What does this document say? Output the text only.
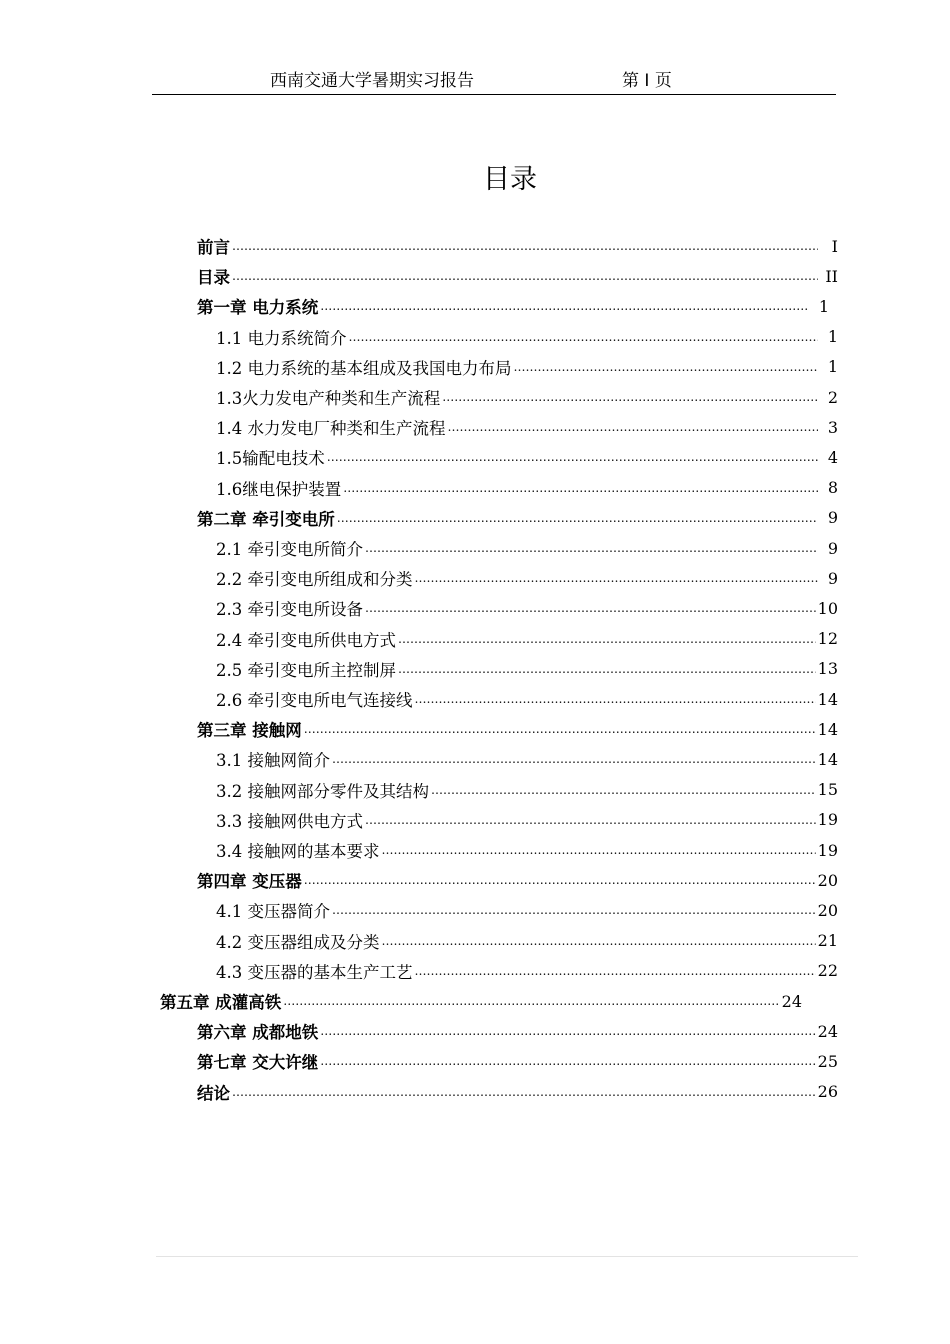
西南交通大学暑期实习报告	第 I 页
目录
前言 ……………………………………………………………………………………………………………………………………………………………………………………………………………………	I
目录 ……………………………………………………………………………………………………………………………………………………………………………………………………………………	II
第一章 电力系统 ……………………………………………………………………………………………………………………………………………………………………………………………………………………	1
1.1 电力系统简介 ……………………………………………………………………………………………………………………………………………………………………………………………………………………	1
1.2 电力系统的基本组成及我国电力布局 ……………………………………………………………………………………………………………………………………………………………………………………………………………………	1
1.3火力发电产种类和生产流程 ……………………………………………………………………………………………………………………………………………………………………………………………………………………	2
1.4 水力发电厂种类和生产流程 ……………………………………………………………………………………………………………………………………………………………………………………………………………………	3
1.5输配电技术 ……………………………………………………………………………………………………………………………………………………………………………………………………………………	4
1.6继电保护装置 ……………………………………………………………………………………………………………………………………………………………………………………………………………………	8
第二章 牵引变电所 ……………………………………………………………………………………………………………………………………………………………………………………………………………………	9
2.1 牵引变电所简介 ……………………………………………………………………………………………………………………………………………………………………………………………………………………	9
2.2 牵引变电所组成和分类 ……………………………………………………………………………………………………………………………………………………………………………………………………………………	9
2.3 牵引变电所设备 ……………………………………………………………………………………………………………………………………………………………………………………………………………………	10
2.4 牵引变电所供电方式 ……………………………………………………………………………………………………………………………………………………………………………………………………………………	12
2.5 牵引变电所主控制屏 ……………………………………………………………………………………………………………………………………………………………………………………………………………………	13
2.6 牵引变电所电气连接线 ……………………………………………………………………………………………………………………………………………………………………………………………………………………	14
第三章 接触网 ……………………………………………………………………………………………………………………………………………………………………………………………………………………	14
3.1 接触网简介 ……………………………………………………………………………………………………………………………………………………………………………………………………………………	14
3.2 接触网部分零件及其结构 ……………………………………………………………………………………………………………………………………………………………………………………………………………………	15
3.3 接触网供电方式 ……………………………………………………………………………………………………………………………………………………………………………………………………………………	19
3.4 接触网的基本要求 ……………………………………………………………………………………………………………………………………………………………………………………………………………………	19
第四章 变压器 ……………………………………………………………………………………………………………………………………………………………………………………………………………………	20
4.1 变压器简介 ……………………………………………………………………………………………………………………………………………………………………………………………………………………	20
4.2 变压器组成及分类 ……………………………………………………………………………………………………………………………………………………………………………………………………………………	21
4.3 变压器的基本生产工艺 ……………………………………………………………………………………………………………………………………………………………………………………………………………………	22
第五章 成灌高铁 ……………………………………………………………………………………………………………………………………………………………………………………………………………………	24
第六章 成都地铁 ……………………………………………………………………………………………………………………………………………………………………………………………………………………	24
第七章 交大许继 ……………………………………………………………………………………………………………………………………………………………………………………………………………………	25
结论 ……………………………………………………………………………………………………………………………………………………………………………………………………………………	26
